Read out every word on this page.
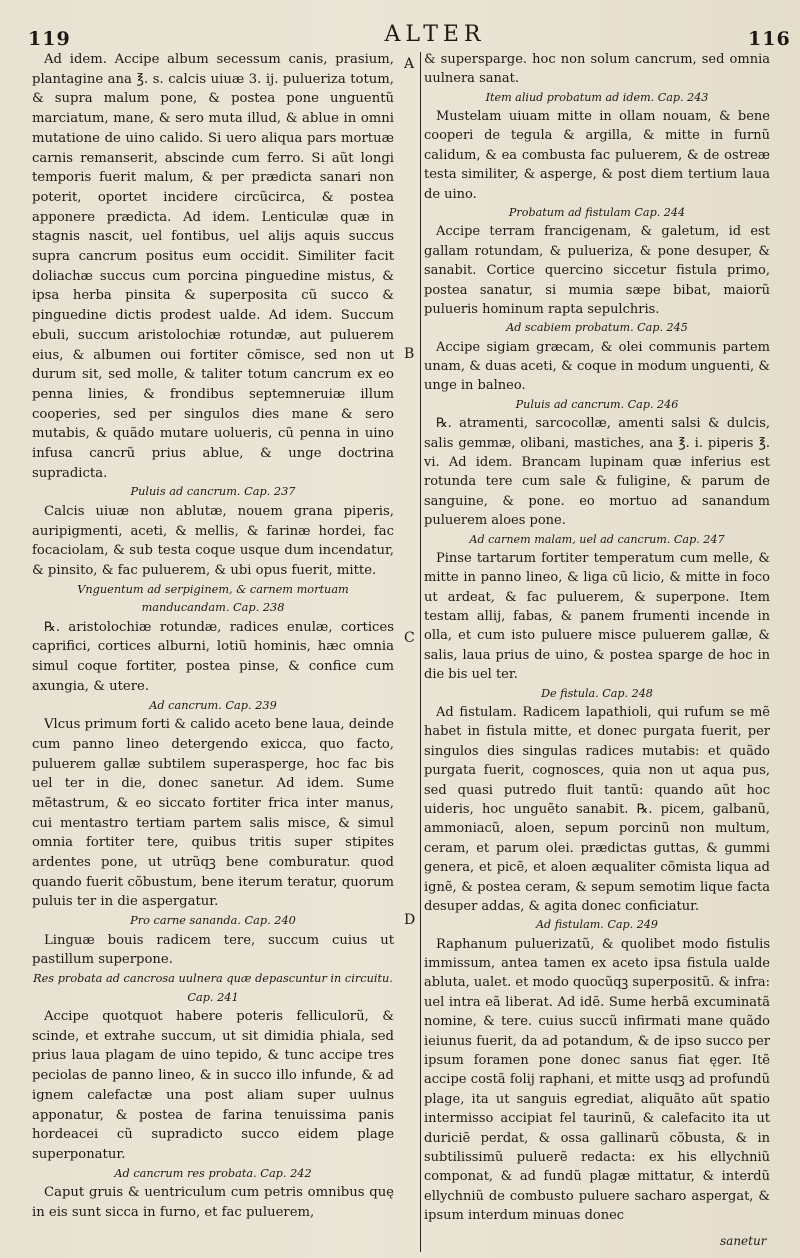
119	ALTER	116
A
B
C
D

Ad idem. Accipe album secessum canis, prasium, plantagine ana ℥. s. calcis uiuæ 3. ij. pulueriza totum, & supra malum pone, & postea pone unguentũ marciatum, mane, & sero muta illud, & ablue in omni mutatione de uino calido. Si uero aliqua pars mortuæ carnis remanserit, abscinde cum ferro. Si aũt longi temporis fuerit malum, & per prædicta sanari non poterit, oportet incidere circũcirca, & postea apponere prædicta. Ad idem. Lenticulæ quæ in stagnis nascit, uel fontibus, uel alijs aquis succus supra cancrum positus eum occidit. Similiter facit doliachæ succus cum porcina pinguedine mistus, & ipsa herba pinsita & superposita cũ succo & pinguedine dictis prodest ualde. Ad idem. Succum ebuli, succum aristolochiæ rotundæ, aut puluerem eius, & albumen oui fortiter cõmisce, sed non ut durum sit, sed molle, & taliter totum cancrum ex eo penna linies, & frondibus septemneruiæ illum cooperies, sed per singulos dies mane & sero mutabis, & quãdo mutare uolueris, cũ penna in uino infusa cancrũ prius ablue, & unge doctrina supradicta.

Puluis ad cancrum. Cap. 237

Calcis uiuæ non ablutæ, nouem grana piperis, auripigmenti, aceti, & mellis, & farinæ hordei, fac focaciolam, & sub testa coque usque dum incendatur, & pinsito, & fac puluerem, & ubi opus fuerit, mitte.

Vnguentum ad serpiginem, & carnem mortuam manducandam. Cap. 238

℞. aristolochiæ rotundæ, radices enulæ, cortices caprifici, cortices alburni, lotiũ hominis, hæc omnia simul coque fortiter, postea pinse, & confice cum axungia, & utere.

Ad cancrum. Cap. 239

Vlcus primum forti & calido aceto bene laua, deinde cum panno lineo detergendo exicca, quo facto, puluerem gallæ subtilem superasperge, hoc fac bis uel ter in die, donec sanetur. Ad idem. Sume mẽtastrum, & eo siccato fortiter frica inter manus, cui mentastro tertiam partem salis misce, & simul omnia fortiter tere, quibus tritis super stipites ardentes pone, ut utrũqꝫ bene comburatur. quod quando fuerit cõbustum, bene iterum teratur, quorum puluis ter in die aspergatur.

Pro carne sananda. Cap. 240

Linguæ bouis radicem tere, succum cuius ut pastillum superpone.

Res probata ad cancrosa uulnera quæ depascuntur in circuitu. Cap. 241

Accipe quotquot habere poteris felliculorũ, & scinde, et extrahe succum, ut sit dimidia phiala, sed prius laua plagam de uino tepido, & tunc accipe tres peciolas de panno lineo, & in succo illo infunde, & ad ignem calefactæ una post aliam super uulnus apponatur, & postea de farina tenuissima panis hordeacei cũ supradicto succo eidem plage superponatur.

Ad cancrum res probata. Cap. 242

Caput gruis & uentriculum cum petris omnibus quę in eis sunt sicca in furno, et fac puluerem,

& supersparge. hoc non solum cancrum, sed omnia uulnera sanat.

Item aliud probatum ad idem. Cap. 243

Mustelam uiuam mitte in ollam nouam, & bene cooperi de tegula & argilla, & mitte in furnũ calidum, & ea combusta fac puluerem, & de ostreæ testa similiter, & asperge, & post diem tertium laua de uino.

Probatum ad fistulam Cap. 244

Accipe terram francigenam, & galetum, id est gallam rotundam, & pulueriza, & pone desuper, & sanabit. Cortice quercino siccetur fistula primo, postea sanatur, si mumia sæpe bibat, maiorũ pulueris hominum rapta sepulchris.

Ad scabiem probatum. Cap. 245

Accipe sigiam græcam, & olei communis partem unam, & duas aceti, & coque in modum unguenti, & unge in balneo.

Puluis ad cancrum. Cap. 246

℞. atramenti, sarcocollæ, amenti salsi & dulcis, salis gemmæ, olibani, mastiches, ana ℥. i. piperis ℥. vi. Ad idem. Brancam lupinam quæ inferius est rotunda tere cum sale & fuligine, & parum de sanguine, & pone. eo mortuo ad sanandum puluerem aloes pone.

Ad carnem malam, uel ad cancrum. Cap. 247

Pinse tartarum fortiter temperatum cum melle, & mitte in panno lineo, & liga cũ licio, & mitte in foco ut ardeat, & fac puluerem, & superpone. Item testam allij, fabas, & panem frumenti incende in olla, et cum isto puluere misce puluerem gallæ, & salis, laua prius de uino, & postea sparge de hoc in die bis uel ter.

De fistula. Cap. 248

Ad fistulam. Radicem lapathioli, qui rufum se mẽ habet in fistula mitte, et donec purgata fuerit, per singulos dies singulas radices mutabis: et quãdo purgata fuerit, cognosces, quia non ut aqua pus, sed quasi putredo fluit tantũ: quando aũt hoc uideris, hoc unguẽto sanabit. ℞. picem, galbanũ, ammoniacũ, aloen, sepum porcinũ non multum, ceram, et parum olei. prædictas guttas, & gummi genera, et picẽ, et aloen æqualiter cõmista liqua ad ignẽ, & postea ceram, & sepum semotim lique facta desuper addas, & agita donec conficiatur.

Ad fistulam. Cap. 249

Raphanum puluerizatũ, & quolibet modo fistulis immissum, antea tamen ex aceto ipsa fistula ualde abluta, ualet. et modo quocũqꝫ superpositũ. & infra: uel intra eã liberat. Ad idẽ. Sume herbã excuminatã nomine, & tere. cuius succũ infirmati mane quãdo ieiunus fuerit, da ad potandum, & de ipso succo per ipsum foramen pone donec sanus fiat ęger. Itẽ accipe costã folij raphani, et mitte usqꝫ ad profundũ plage, ita ut sanguis egrediat, aliquãto aũt spatio intermisso accipiat fel taurinũ, & calefacito ita ut duriciẽ perdat, & ossa gallinarũ cõbusta, & in subtilissimũ puluerẽ redacta: ex his ellychniũ componat, & ad fundũ plagæ mittatur, & interdũ ellychniũ de combusto puluere sacharo aspergat, & ipsum interdum minuas donec

sanetur
